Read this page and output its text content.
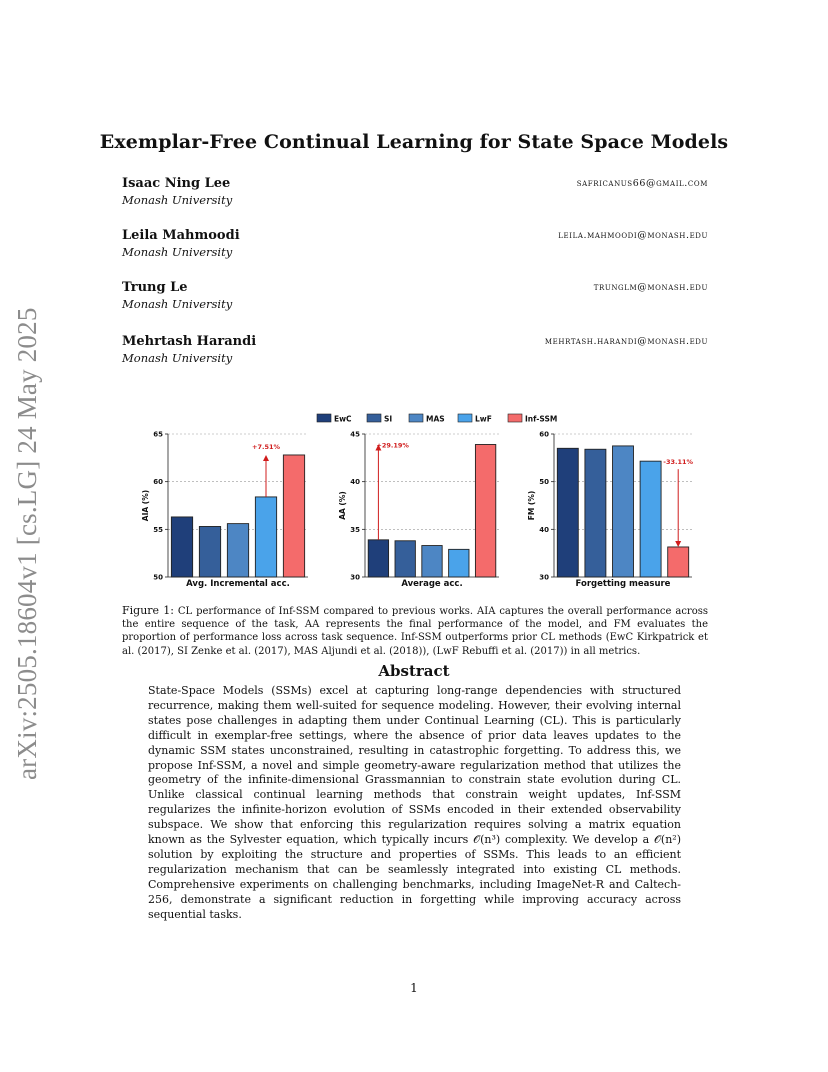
arXiv:2505.18604v1 [cs.LG] 24 May 2025
Exemplar-Free Continual Learning for State Space Models
Isaac Ning Lee
Monash University
safricanus66@gmail.com
Leila Mahmoodi
Monash University
leila.mahmoodi@monash.edu
Trung Le
Monash University
trunglm@monash.edu
Mehrtash Harandi
Monash University
mehrtash.harandi@monash.edu
EwC	SI	MAS	LwF	Inf-SSM
50
55
60
65
AIA (%)
Avg. Incremental acc.
+7.51%
30
35
40
45
AA (%)
Average acc.
+29.19%
30
40
50
60
FM (%)
Forgetting measure
-33.11%
Figure 1: CL performance of Inf-SSM compared to previous works. AIA captures the overall performance across the entire sequence of the task, AA represents the final performance of the model, and FM evaluates the proportion of performance loss across task sequence. Inf-SSM outperforms prior CL methods (EwC Kirkpatrick et al. (2017), SI Zenke et al. (2017), MAS Aljundi et al. (2018)), (LwF Rebuffi et al. (2017)) in all metrics.
Abstract
State-Space Models (SSMs) excel at capturing long-range dependencies with structured recurrence, making them well-suited for sequence modeling. However, their evolving internal states pose challenges in adapting them under Continual Learning (CL). This is particularly difficult in exemplar-free settings, where the absence of prior data leaves updates to the dynamic SSM states unconstrained, resulting in catastrophic forgetting. To address this, we propose Inf-SSM, a novel and simple geometry-aware regularization method that utilizes the geometry of the infinite-dimensional Grassmannian to constrain state evolution during CL. Unlike classical continual learning methods that constrain weight updates, Inf-SSM regularizes the infinite-horizon evolution of SSMs encoded in their extended observability subspace. We show that enforcing this regularization requires solving a matrix equation known as the Sylvester equation, which typically incurs 𝒪(n³) complexity. We develop a 𝒪(n²) solution by exploiting the structure and properties of SSMs. This leads to an efficient regularization mechanism that can be seamlessly integrated into existing CL methods. Comprehensive experiments on challenging benchmarks, including ImageNet-R and Caltech-256, demonstrate a significant reduction in forgetting while improving accuracy across sequential tasks.
1
